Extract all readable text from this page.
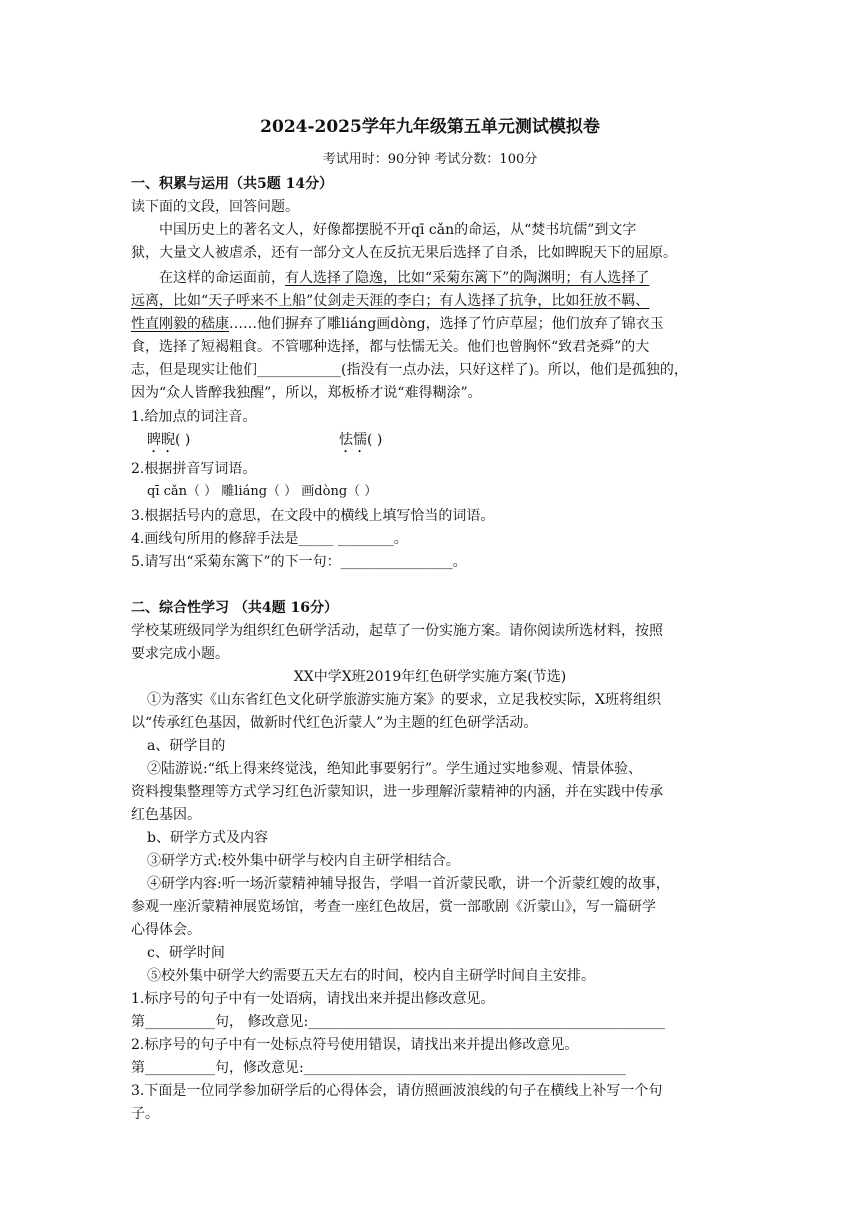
2024-2025学年九年级第五单元测试模拟卷
考试用时：90分钟 考试分数：100分
一、积累与运用（共5题 14分）
读下面的文段，回答问题。
中国历史上的著名文人，好像都摆脱不开qī cǎn的命运，从“焚书坑儒”到文字
狱，大量文人被虐杀，还有一部分文人在反抗无果后选择了自杀，比如睥睨天下的屈原。
在这样的命运面前，有人选择了隐逸，比如“采菊东篱下”的陶渊明；有人选择了
远离，比如“天子呼来不上船”仗剑走天涯的李白；有人选择了抗争，比如狂放不羁、
性直刚毅的嵇康……他们摒弃了雕liáng画dòng，选择了竹庐草屋；他们放弃了锦衣玉
食，选择了短褐粗食。不管哪种选择，都与怯懦无关。他们也曾胸怀“致君尧舜”的大
志，但是现实让他们____________(指没有一点办法，只好这样了)。所以，他们是孤独的，
因为“众人皆醉我独醒”，所以，郑板桥才说“难得糊涂”。
1.给加点的词注音。
睥睨( )	怯懦( )
2.根据拼音写词语。
qī cǎn（ ） 雕liáng（ ） 画dòng（ ）
3.根据括号内的意思，在文段中的横线上填写恰当的词语。
4.画线句所用的修辞手法是_____ ________。
5.请写出“采菊东篱下”的下一句：________________。
二、综合性学习 （共4题 16分）
学校某班级同学为组织红色研学活动，起草了一份实施方案。请你阅读所选材料，按照
要求完成小题。
XX中学X班2019年红色研学实施方案(节选)
①为落实《山东省红色文化研学旅游实施方案》的要求，立足我校实际，X班将组织
以“传承红色基因，做新时代红色沂蒙人”为主题的红色研学活动。
a、研学目的
②陆游说:“纸上得来终觉浅，绝知此事要躬行”。学生通过实地参观、情景体验、
资料搜集整理等方式学习红色沂蒙知识，进一步理解沂蒙精神的内涵，并在实践中传承
红色基因。
b、研学方式及内容
③研学方式:校外集中研学与校内自主研学相结合。
④研学内容:听一场沂蒙精神辅导报告，学唱一首沂蒙民歌，讲一个沂蒙红嫂的故事，
参观一座沂蒙精神展览场馆，考查一座红色故居，赏一部歌剧《沂蒙山》，写一篇研学
心得体会。
c、研学时间
⑤校外集中研学大约需要五天左右的时间，校内自主研学时间自主安排。
1.标序号的句子中有一处语病，请找出来并提出修改意见。
第__________句， 修改意见:___________________________________________________
2.标序号的句子中有一处标点符号使用错误，请找出来并提出修改意见。
第__________句，修改意见:______________________________________________
3.下面是一位同学参加研学后的心得体会，请仿照画波浪线的句子在横线上补写一个句
子。
